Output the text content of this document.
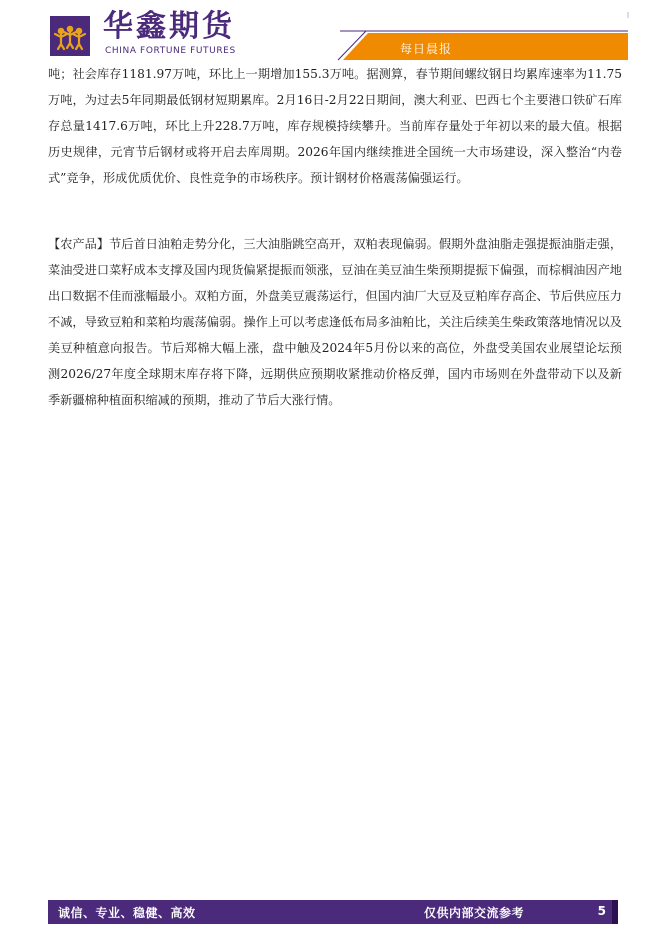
华鑫期货
CHINA FORTUNE FUTURES	每日晨报

吨；社会库存1181.97万吨，环比上一期增加155.3万吨。据测算，春节期间螺纹钢日均累库速率为11.75万吨，为过去5年同期最低钢材短期累库。2月16日-2月22日期间，澳大利亚、巴西七个主要港口铁矿石库存总量1417.6万吨，环比上升228.7万吨，库存规模持续攀升。当前库存量处于年初以来的最大值。根据历史规律，元宵节后钢材或将开启去库周期。2026年国内继续推进全国统一大市场建设，深入整治“内卷式”竞争，形成优质优价、良性竞争的市场秩序。预计钢材价格震荡偏强运行。

【农产品】节后首日油粕走势分化，三大油脂跳空高开，双粕表现偏弱。假期外盘油脂走强提振油脂走强，菜油受进口菜籽成本支撑及国内现货偏紧提振而领涨，豆油在美豆油生柴预期提振下偏强，而棕榈油因产地出口数据不佳而涨幅最小。双粕方面，外盘美豆震荡运行，但国内油厂大豆及豆粕库存高企、节后供应压力不减，导致豆粕和菜粕均震荡偏弱。操作上可以考虑逢低布局多油粕比，关注后续美生柴政策落地情况以及美豆种植意向报告。节后郑棉大幅上涨，盘中触及2024年5月份以来的高位，外盘受美国农业展望论坛预测2026/27年度全球期末库存将下降，远期供应预期收紧推动价格反弹，国内市场则在外盘带动下以及新季新疆棉种植面积缩减的预期，推动了节后大涨行情。

诚信、专业、稳健、高效	仅供内部交流参考	5
